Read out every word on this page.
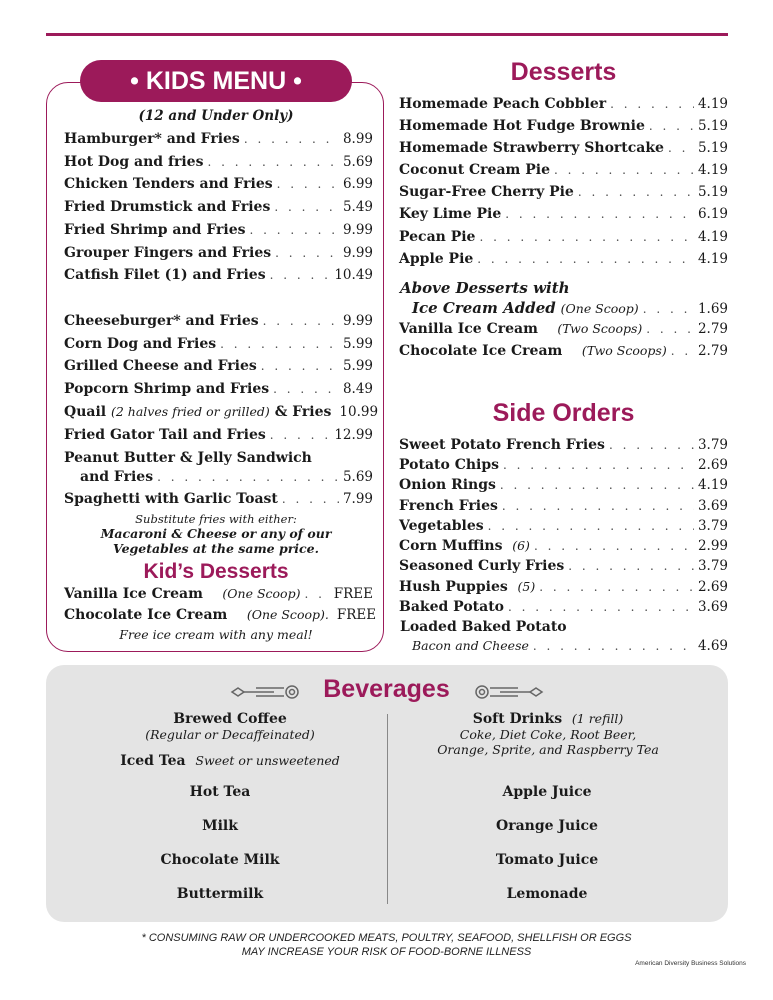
• KIDS MENU •
(12 and Under Only)
Hamburger* and Fries . . .	8.99
Hot Dog and fries . . .	5.69
Chicken Tenders and Fries . . .	6.99
Fried Drumstick and Fries . . .	5.49
Fried Shrimp and Fries . . .	9.99
Grouper Fingers and Fries . . .	9.99
Catfish Filet (1) and Fries . . .	10.49
Cheeseburger* and Fries . . .	9.99
Corn Dog and Fries . . .	5.99
Grilled Cheese and Fries . . .	5.99
Popcorn Shrimp and Fries . . .	8.49
Quail (2 halves fried or grilled) & Fries 10.99
Fried Gator Tail and Fries . . .	12.99
Peanut Butter & Jelly Sandwich
and Fries . . .	5.69
Spaghetti with Garlic Toast . . .	7.99
Substitute fries with either:
Macaroni & Cheese or any of our
Vegetables at the same price.
Kid’s Desserts
Vanilla Ice Cream (One Scoop) . . . FREE
Chocolate Ice Cream (One Scoop). FREE
Free ice cream with any meal!
Desserts
Homemade Peach Cobbler . . .	4.19
Homemade Hot Fudge Brownie . . .	5.19
Homemade Strawberry Shortcake . . .	5.19
Coconut Cream Pie . . .	4.19
Sugar-Free Cherry Pie . . .	5.19
Key Lime Pie . . .	6.19
Pecan Pie . . .	4.19
Apple Pie . . .	4.19
Above Desserts with
Ice Cream Added (One Scoop) . . .	1.69
Vanilla Ice Cream (Two Scoops) . . .	2.79
Chocolate Ice Cream (Two Scoops) . . . 2.79
Side Orders
Sweet Potato French Fries . . .	3.79
Potato Chips . . .	2.69
Onion Rings . . .	4.19
French Fries . . .	3.69
Vegetables . . .	3.79
Corn Muffins (6) . . .	2.99
Seasoned Curly Fries . . .	3.79
Hush Puppies (5) . . .	2.69
Baked Potato . . .	3.69
Loaded Baked Potato
Bacon and Cheese . . .	4.69
Beverages
Brewed Coffee
(Regular or Decaffeinated)
Iced Tea Sweet or unsweetened
Hot Tea
Milk
Chocolate Milk
Buttermilk
Soft Drinks (1 refill)
Coke, Diet Coke, Root Beer,
Orange, Sprite, and Raspberry Tea
Apple Juice
Orange Juice
Tomato Juice
Lemonade
* CONSUMING RAW OR UNDERCOOKED MEATS, POULTRY, SEAFOOD, SHELLFISH OR EGGS
MAY INCREASE YOUR RISK OF FOOD-BORNE ILLNESS
American Diversity Business Solutions
